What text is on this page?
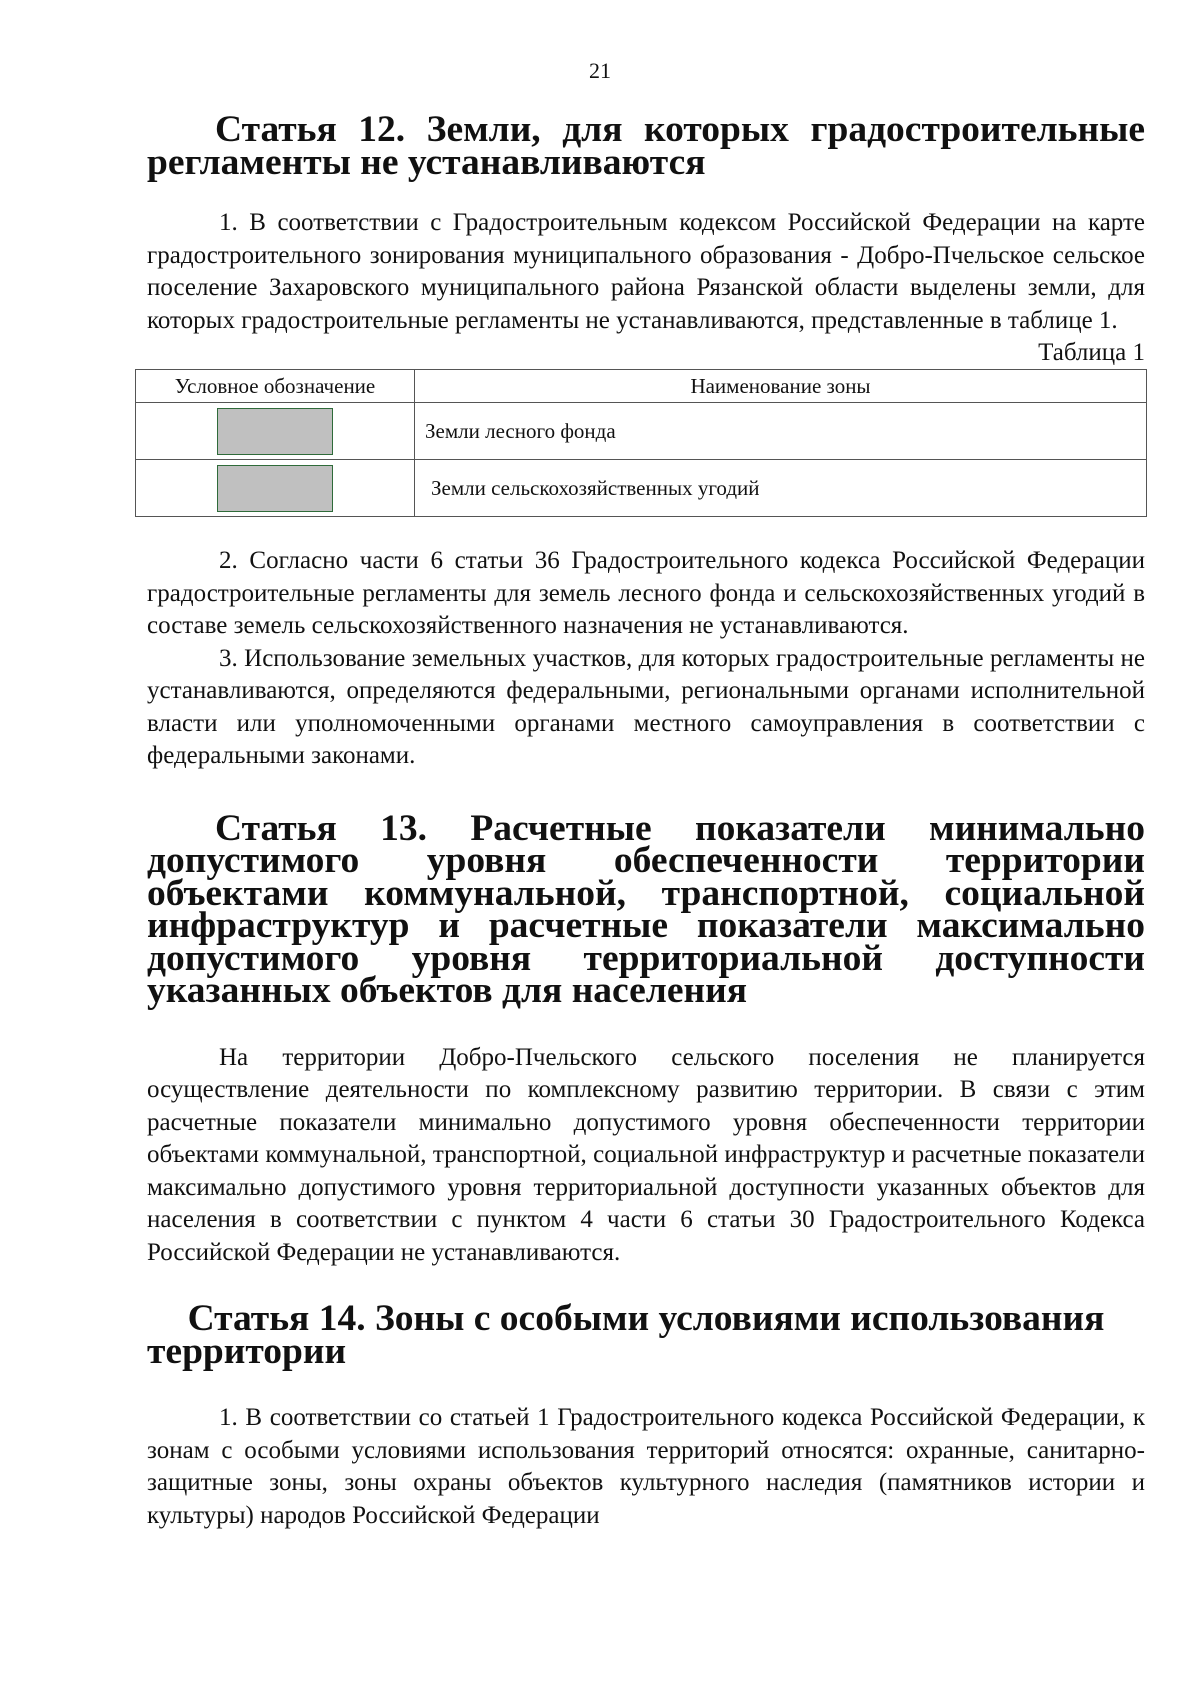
21
Статья 12. Земли, для которых градостроительные регламенты не устанавливаются

1. В соответствии с Градостроительным кодексом Российской Федерации на карте градостроительного зонирования муниципального образования - Добро-Пчельское сельское поселение Захаровского муниципального района Рязанской области выделены земли, для которых градостроительные регламенты не устанавливаются, представленные в таблице 1.

Таблица 1

Условное обозначение	Наименование зоны
	Земли лесного фонда
	Земли сельскохозяйственных угодий

2. Согласно части 6 статьи 36 Градостроительного кодекса Российской Федерации градостроительные регламенты для земель лесного фонда и сельскохозяйственных угодий в составе земель сельскохозяйственного назначения не устанавливаются.

3. Использование земельных участков, для которых градостроительные регламенты не устанавливаются, определяются федеральными, региональными органами исполнительной власти или уполномоченными органами местного самоуправления в соответствии с федеральными законами.

Статья 13. Расчетные показатели минимально допустимого уровня обеспеченности территории объектами коммунальной, транспортной, социальной инфраструктур и расчетные показатели максимально допустимого уровня территориальной доступности указанных объектов для населения

На территории Добро-Пчельского сельского поселения не планируется осуществление деятельности по комплексному развитию территории. В связи с этим расчетные показатели минимально допустимого уровня обеспеченности территории объектами коммунальной, транспортной, социальной инфраструктур и расчетные показатели максимально допустимого уровня территориальной доступности указанных объектов для населения в соответствии с пунктом 4 части 6 статьи 30 Градостроительного Кодекса Российской Федерации не устанавливаются.

Статья 14. Зоны с особыми условиями использования территории

1. В соответствии со статьей 1 Градостроительного кодекса Российской Федерации, к зонам с особыми условиями использования территорий относятся: охранные, санитарно-защитные зоны, зоны охраны объектов культурного наследия (памятников истории и культуры) народов Российской Федерации
